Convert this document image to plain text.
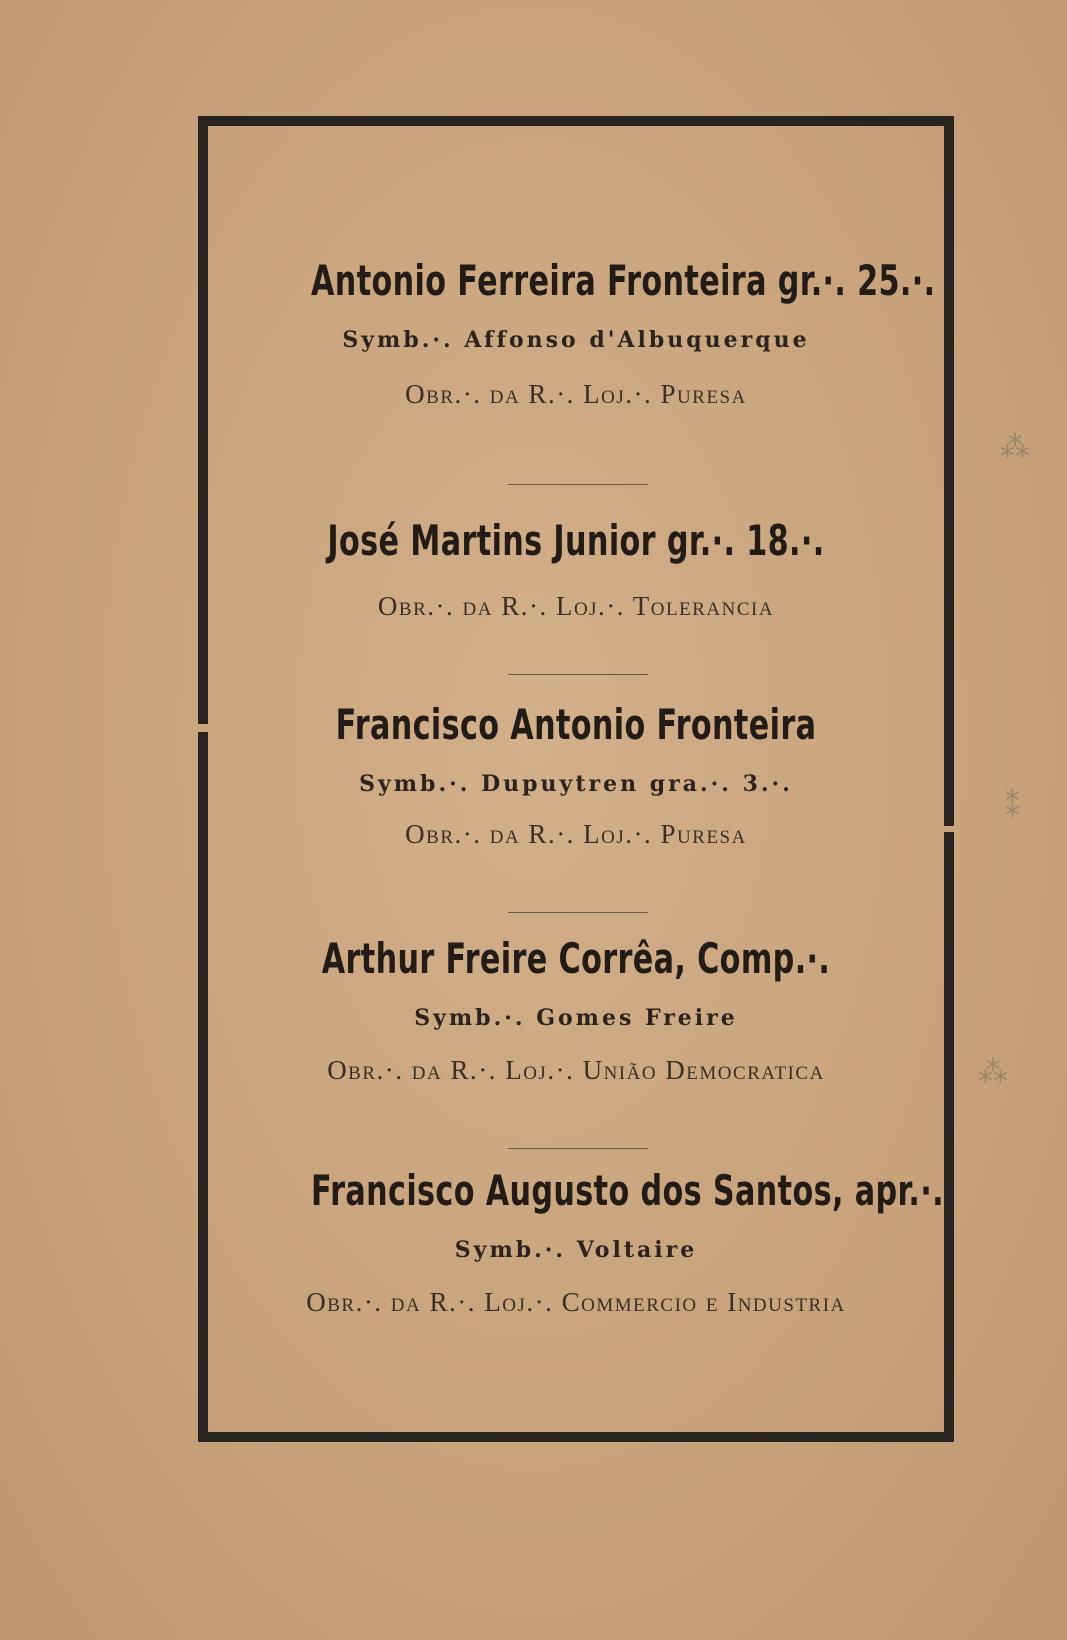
Antonio Ferreira Fronteira gr.·. 25.·.
Symb.·. Affonso d'Albuquerque
Obr.·. da R.·. Loj.·. Puresa
José Martins Junior gr.·. 18.·.
Obr.·. da R.·. Loj.·. Tolerancia
Francisco Antonio Fronteira
Symb.·. Dupuytren gra.·. 3.·.
Obr.·. da R.·. Loj.·. Puresa
Arthur Freire Corrêa, Comp.·.
Symb.·. Gomes Freire
Obr.·. da R.·. Loj.·. União Democratica
Francisco Augusto dos Santos, apr.·.
Symb.·. Voltaire
Obr.·. da R.·. Loj.·. Commercio e Industria
⁂
⁑
⁂
